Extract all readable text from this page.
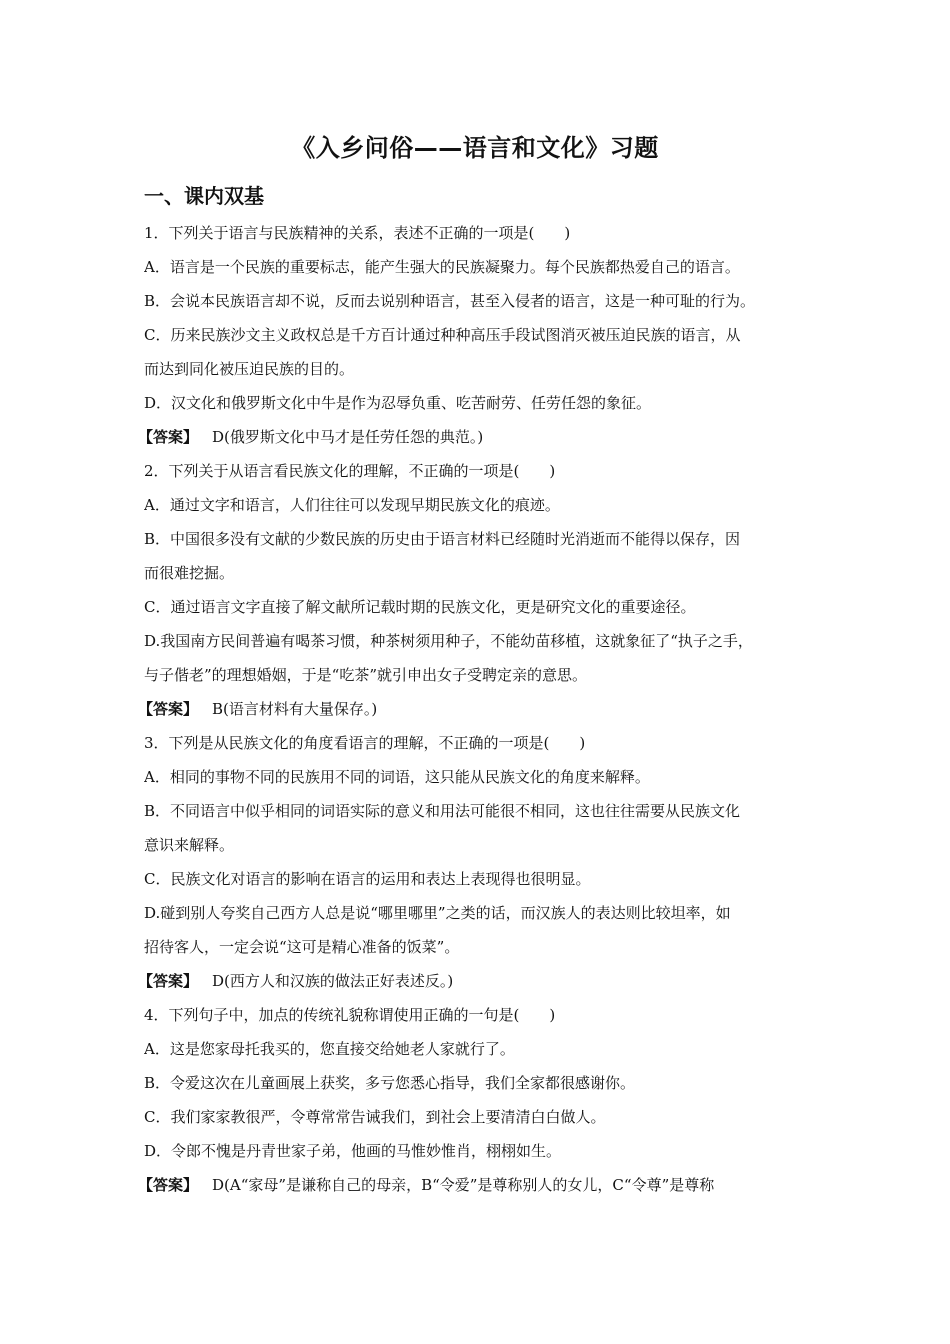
《入乡问俗——语言和文化》习题
一、课内双基
1．下列关于语言与民族精神的关系，表述不正确的一项是(　　)
A．语言是一个民族的重要标志，能产生强大的民族凝聚力。每个民族都热爱自己的语言。
B．会说本民族语言却不说，反而去说别种语言，甚至入侵者的语言，这是一种可耻的行为。
C．历来民族沙文主义政权总是千方百计通过种种高压手段试图消灭被压迫民族的语言，从
而达到同化被压迫民族的目的。
D．汉文化和俄罗斯文化中牛是作为忍辱负重、吃苦耐劳、任劳任怨的象征。
【答案】 D(俄罗斯文化中马才是任劳任怨的典范。)
2．下列关于从语言看民族文化的理解，不正确的一项是(　　)
A．通过文字和语言，人们往往可以发现早期民族文化的痕迹。
B．中国很多没有文献的少数民族的历史由于语言材料已经随时光消逝而不能得以保存，因
而很难挖掘。
C．通过语言文字直接了解文献所记载时期的民族文化，更是研究文化的重要途径。
D.我国南方民间普遍有喝茶习惯，种茶树须用种子，不能幼苗移植，这就象征了“执子之手，
与子偕老”的理想婚姻，于是“吃茶”就引申出女子受聘定亲的意思。
【答案】 B(语言材料有大量保存。)
3．下列是从民族文化的角度看语言的理解，不正确的一项是(　　)
A．相同的事物不同的民族用不同的词语，这只能从民族文化的角度来解释。
B．不同语言中似乎相同的词语实际的意义和用法可能很不相同，这也往往需要从民族文化
意识来解释。
C．民族文化对语言的影响在语言的运用和表达上表现得也很明显。
D.碰到别人夸奖自己西方人总是说“哪里哪里”之类的话，而汉族人的表达则比较坦率，如
招待客人，一定会说“这可是精心准备的饭菜”。
【答案】 D(西方人和汉族的做法正好表述反。)
4．下列句子中，加点的传统礼貌称谓使用正确的一句是(　　)
A．这是您家母托我买的，您直接交给她老人家就行了。
B．令爱这次在儿童画展上获奖，多亏您悉心指导，我们全家都很感谢你。
C．我们家家教很严，令尊常常告诫我们，到社会上要清清白白做人。
D．令郎不愧是丹青世家子弟，他画的马惟妙惟肖，栩栩如生。
【答案】 D(A“家母”是谦称自己的母亲，B“令爱”是尊称别人的女儿，C“令尊”是尊称
